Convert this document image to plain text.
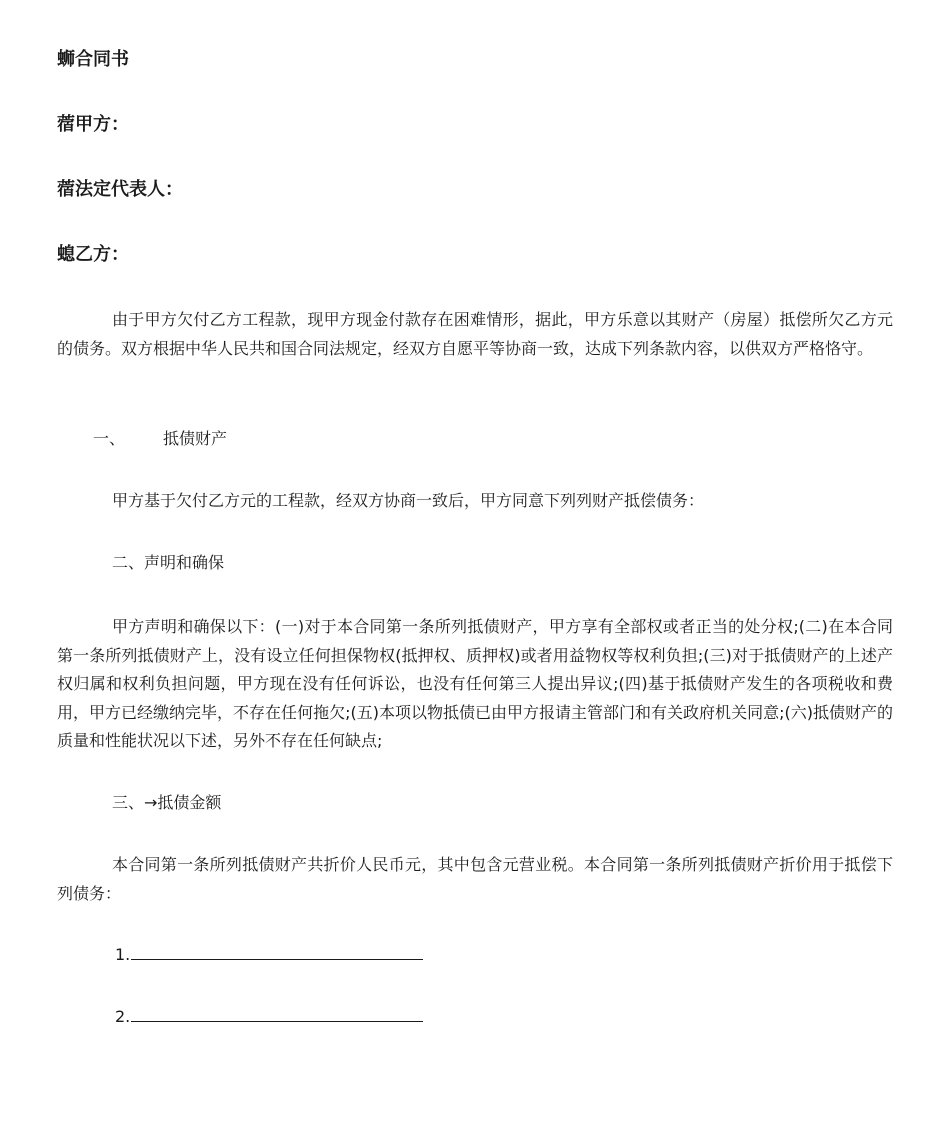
蛳合同书

蓿甲方：

蓿法定代表人：

螅乙方：

由于甲方欠付乙方工程款，现甲方现金付款存在困难情形，据此，甲方乐意以其财产（房屋）抵偿所欠乙方元的债务。双方根据中华人民共和国合同法规定，经双方自愿平等协商一致，达成下列条款内容，以供双方严格恪守。

一、 抵债财产

甲方基于欠付乙方元的工程款，经双方协商一致后，甲方同意下列列财产抵偿债务：

二、声明和确保

甲方声明和确保以下：(一)对于本合同第一条所列抵债财产，甲方享有全部权或者正当的处分权;(二)在本合同第一条所列抵债财产上，没有设立任何担保物权(抵押权、质押权)或者用益物权等权利负担;(三)对于抵债财产的上述产权归属和权利负担问题，甲方现在没有任何诉讼，也没有任何第三人提出异议;(四)基于抵债财产发生的各项税收和费用，甲方已经缴纳完毕，不存在任何拖欠;(五)本项以物抵债已由甲方报请主管部门和有关政府机关同意;(六)抵债财产的质量和性能状况以下述，另外不存在任何缺点;

三、→抵债金额

本合同第一条所列抵债财产共折价人民币元，其中包含元营业税。本合同第一条所列抵债财产折价用于抵偿下列债务：

1.
2.
